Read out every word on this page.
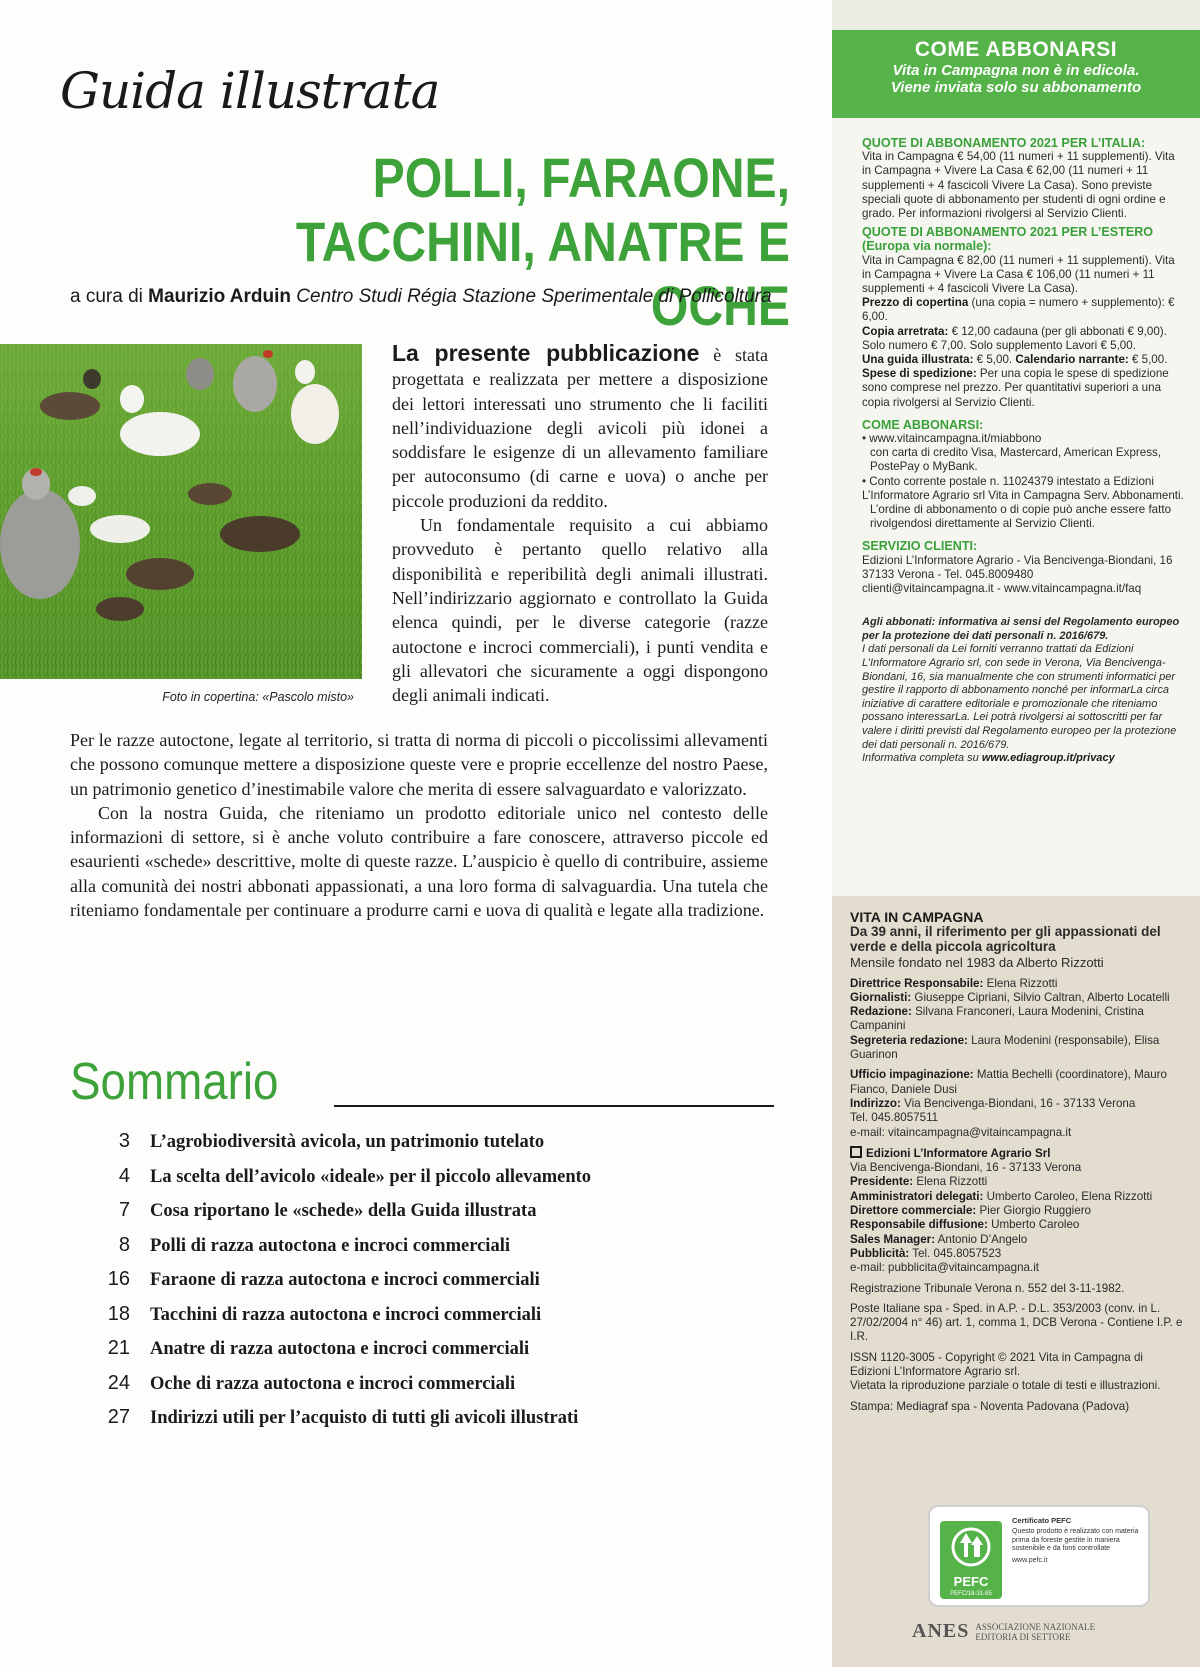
Guida illustrata
POLLI, FARAONE,
TACCHINI, ANATRE E OCHE
a cura di Maurizio Arduin Centro Studi Régia Stazione Sperimentale di Pollicoltura
Foto in copertina: «Pascolo misto»

La presente pubblicazione è stata progettata e realizzata per mettere a disposizione dei lettori interessati uno strumento che li faciliti nell’individuazione degli avicoli più idonei a soddisfare le esigenze di un allevamento familiare per autoconsumo (di carne e uova) o anche per piccole produzioni da reddito.

Un fondamentale requisito a cui abbiamo provveduto è pertanto quello relativo alla disponibilità e reperibilità degli animali illustrati. Nell’indirizzario aggiornato e controllato la Guida elenca quindi, per le diverse categorie (razze autoctone e incroci commerciali), i punti vendita e gli allevatori che sicuramente a oggi dispongono degli animali indicati.

Per le razze autoctone, legate al territorio, si tratta di norma di piccoli o piccolissimi allevamenti che possono comunque mettere a disposizione queste vere e proprie eccellenze del nostro Paese, un patrimonio genetico d’inestimabile valore che merita di essere salvaguardato e valorizzato.

Con la nostra Guida, che riteniamo un prodotto editoriale unico nel contesto delle informazioni di settore, si è anche voluto contribuire a fare conoscere, attraverso piccole ed esaurienti «schede» descrittive, molte di queste razze. L’auspicio è quello di contribuire, assieme alla comunità dei nostri abbonati appassionati, a una loro forma di salvaguardia. Una tutela che riteniamo fondamentale per continuare a produrre carni e uova di qualità e legate alla tradizione.

Sommario
3 L’agrobiodiversità avicola, un patrimonio tutelato
4 La scelta dell’avicolo «ideale» per il piccolo allevamento
7 Cosa riportano le «schede» della Guida illustrata
8 Polli di razza autoctona e incroci commerciali
16 Faraone di razza autoctona e incroci commerciali
18 Tacchini di razza autoctona e incroci commerciali
21 Anatre di razza autoctona e incroci commerciali
24 Oche di razza autoctona e incroci commerciali
27 Indirizzi utili per l’acquisto di tutti gli avicoli illustrati
COME ABBONARSI
Vita in Campagna non è in edicola.
Viene inviata solo su abbonamento
QUOTE DI ABBONAMENTO 2021 PER L’ITALIA:
Vita in Campagna € 54,00 (11 numeri + 11 supplementi). Vita in Campagna + Vivere La Casa € 62,00 (11 numeri + 11 supplementi + 4 fascicoli Vivere La Casa). Sono previste speciali quote di abbonamento per studenti di ogni ordine e grado. Per informazioni rivolgersi al Servizio Clienti.
QUOTE DI ABBONAMENTO 2021 PER L’ESTERO
(Europa via normale):
Vita in Campagna € 82,00 (11 numeri + 11 supplementi). Vita in Campagna + Vivere La Casa € 106,00 (11 numeri + 11 supplementi + 4 fascicoli Vivere La Casa).
Prezzo di copertina (una copia = numero + supplemento): € 6,00.
Copia arretrata: € 12,00 cadauna (per gli abbonati € 9,00). Solo numero € 7,00. Solo supplemento Lavori € 5,00.
Una guida illustrata: € 5,00. Calendario narrante: € 5,00.
Spese di spedizione: Per una copia le spese di spedizione sono comprese nel prezzo. Per quantitativi superiori a una copia rivolgersi al Servizio Clienti.
COME ABBONARSI:
• www.vitaincampagna.it/miabbono
con carta di credito Visa, Mastercard, American Express, PostePay o MyBank.
• Conto corrente postale n. 11024379 intestato a Edizioni L’Informatore Agrario srl Vita in Campagna Serv. Abbonamenti.
L’ordine di abbonamento o di copie può anche essere fatto rivolgendosi direttamente al Servizio Clienti.
SERVIZIO CLIENTI:
Edizioni L’Informatore Agrario - Via Bencivenga-Biondani, 16 37133 Verona - Tel. 045.8009480
clienti@vitaincampagna.it - www.vitaincampagna.it/faq
Agli abbonati: informativa ai sensi del Regolamento europeo per la protezione dei dati personali n. 2016/679.
I dati personali da Lei forniti verranno trattati da Edizioni L’Informatore Agrario srl, con sede in Verona, Via Bencivenga-Biondani, 16, sia manualmente che con strumenti informatici per gestire il rapporto di abbonamento nonché per informarLa circa iniziative di carattere editoriale e promozionale che riteniamo possano interessarLa. Lei potrà rivolgersi ai sottoscritti per far valere i diritti previsti dal Regolamento europeo per la protezione dei dati personali n. 2016/679.
Informativa completa su www.ediagroup.it/privacy
VITA IN CAMPAGNA
Da 39 anni, il riferimento per gli appassionati del verde e della piccola agricoltura
Mensile fondato nel 1983 da Alberto Rizzotti
Direttrice Responsabile: Elena Rizzotti
Giornalisti: Giuseppe Cipriani, Silvio Caltran, Alberto Locatelli
Redazione: Silvana Franconeri, Laura Modenini, Cristina Campanini
Segreteria redazione: Laura Modenini (responsabile), Elisa Guarinon
Ufficio impaginazione: Mattia Bechelli (coordinatore), Mauro Fianco, Daniele Dusi
Indirizzo: Via Bencivenga-Biondani, 16 - 37133 Verona
Tel. 045.8057511
e-mail: vitaincampagna@vitaincampagna.it
Edizioni L’Informatore Agrario Srl
Via Bencivenga-Biondani, 16 - 37133 Verona
Presidente: Elena Rizzotti
Amministratori delegati: Umberto Caroleo, Elena Rizzotti
Direttore commerciale: Pier Giorgio Ruggiero
Responsabile diffusione: Umberto Caroleo
Sales Manager: Antonio D’Angelo
Pubblicità: Tel. 045.8057523
e-mail: pubblicita@vitaincampagna.it
Registrazione Tribunale Verona n. 552 del 3-11-1982.
Poste Italiane spa - Sped. in A.P. - D.L. 353/2003 (conv. in L. 27/02/2004 n° 46) art. 1, comma 1, DCB Verona - Contiene I.P. e I.R.
ISSN 1120-3005 - Copyright © 2021 Vita in Campagna di Edizioni L’Informatore Agrario srl.
Vietata la riproduzione parziale o totale di testi e illustrazioni.
Stampa: Mediagraf spa - Noventa Padovana (Padova)
PEFC
PEFC/18-31-85
Certificato PEFC
Questo prodotto è realizzato con materia prima da foreste gestite in maniera sostenibile e da fonti controllate
www.pefc.it
ANES ASSOCIAZIONE NAZIONALE
EDITORIA DI SETTORE
